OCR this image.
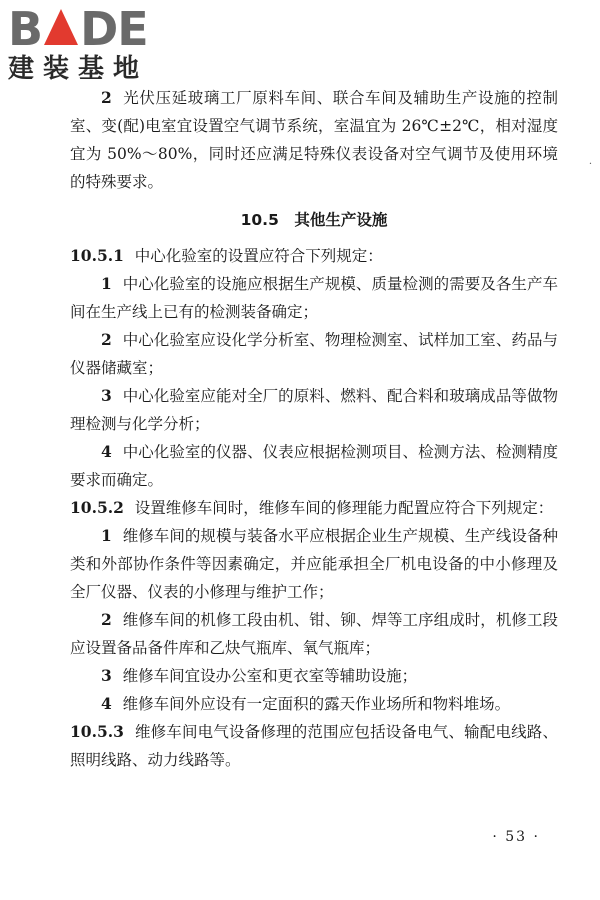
B DE
建装基地
.

2 光伏压延玻璃工厂原料车间、联合车间及辅助生产设施的控制室、变(配)电室宜设置空气调节系统，室温宜为 26℃±2℃，相对湿度宜为 50%～80%，同时还应满足特殊仪表设备对空气调节及使用环境的特殊要求。

10.5 其他生产设施

10.5.1 中心化验室的设置应符合下列规定：

1 中心化验室的设施应根据生产规模、质量检测的需要及各生产车间在生产线上已有的检测装备确定；

2 中心化验室应设化学分析室、物理检测室、试样加工室、药品与仪器储藏室；

3 中心化验室应能对全厂的原料、燃料、配合料和玻璃成品等做物理检测与化学分析；

4 中心化验室的仪器、仪表应根据检测项目、检测方法、检测精度要求而确定。

10.5.2 设置维修车间时，维修车间的修理能力配置应符合下列规定：

1 维修车间的规模与装备水平应根据企业生产规模、生产线设备种类和外部协作条件等因素确定，并应能承担全厂机电设备的中小修理及全厂仪器、仪表的小修理与维护工作；

2 维修车间的机修工段由机、钳、铆、焊等工序组成时，机修工段应设置备品备件库和乙炔气瓶库、氧气瓶库；

3 维修车间宜设办公室和更衣室等辅助设施；

4 维修车间外应设有一定面积的露天作业场所和物料堆场。

10.5.3 维修车间电气设备修理的范围应包括设备电气、输配电线路、照明线路、动力线路等。

· 53 ·
